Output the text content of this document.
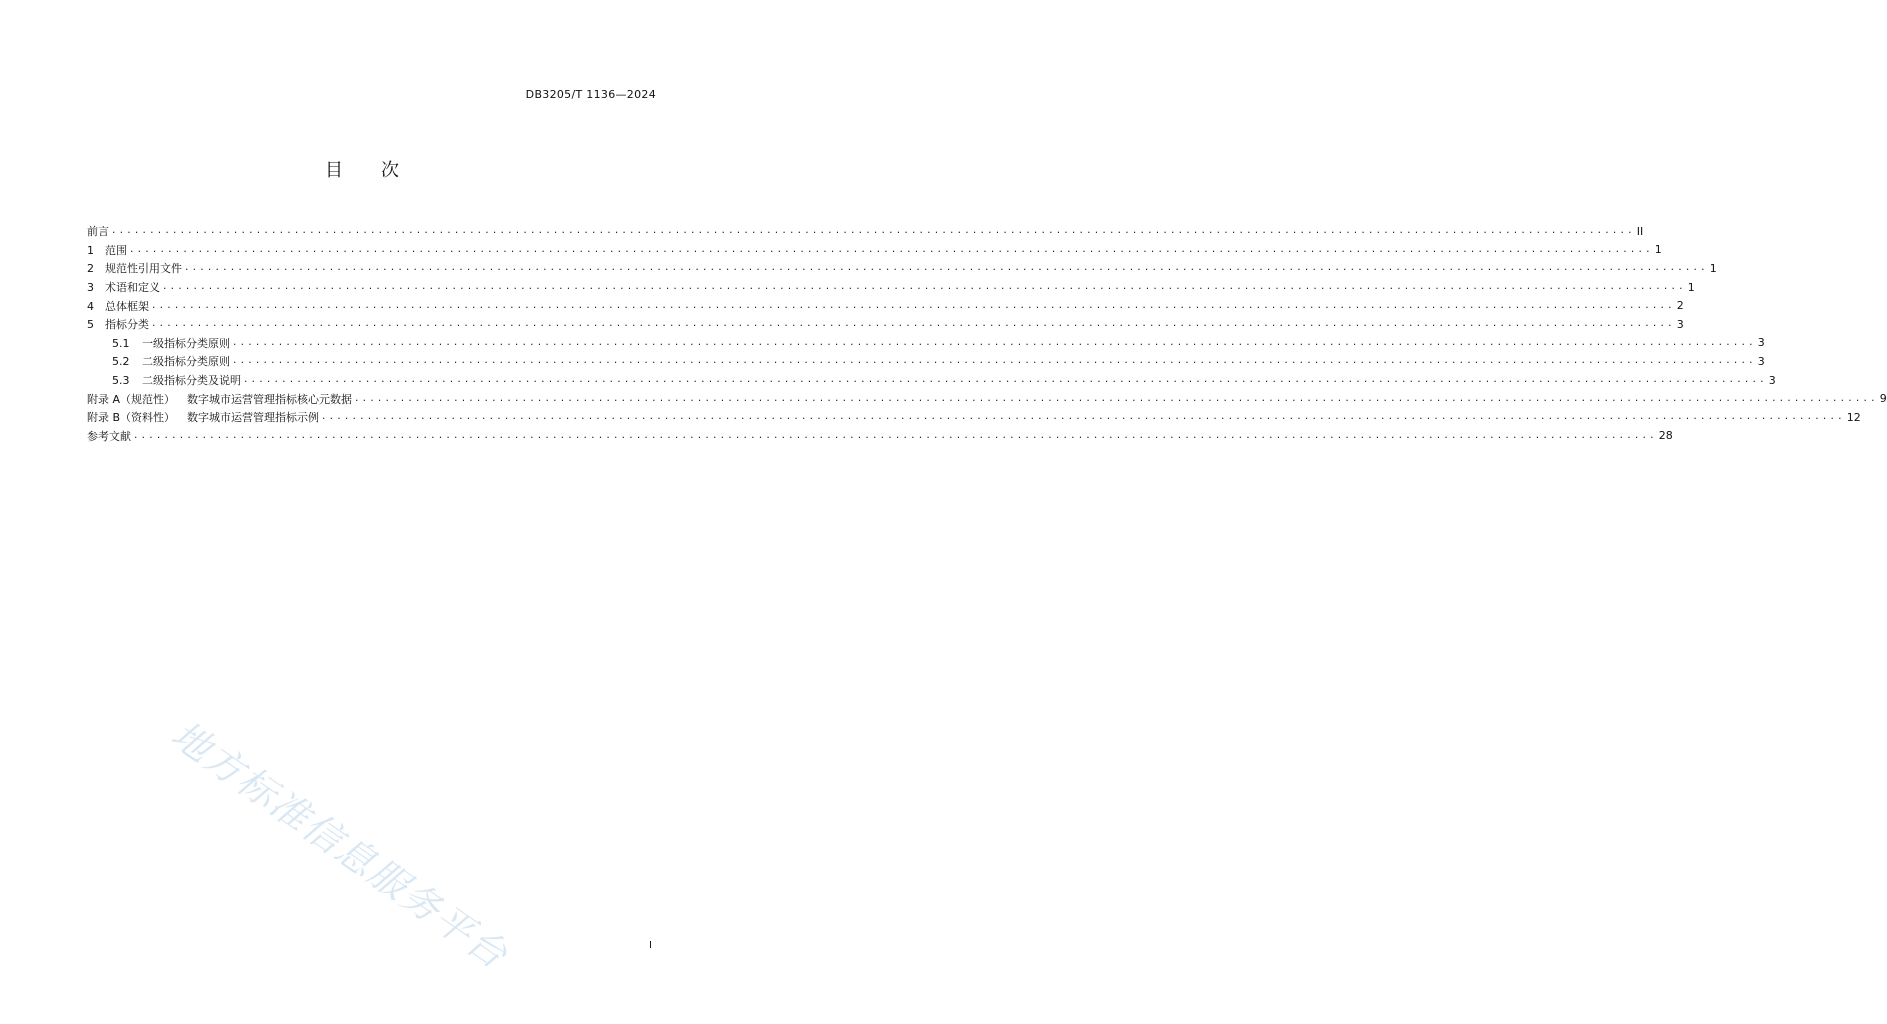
DB3205/T 1136—2024
目 次
前言 ........................................................................................................................................................................................................ II
1 范围 ........................................................................................................................................................................................................ 1
2 规范性引用文件 ........................................................................................................................................................................................................ 1
3 术语和定义 ........................................................................................................................................................................................................ 1
4 总体框架 ........................................................................................................................................................................................................ 2
5 指标分类 ........................................................................................................................................................................................................ 3
5.1 一级指标分类原则 ........................................................................................................................................................................................................ 3
5.2 二级指标分类原则 ........................................................................................................................................................................................................ 3
5.3 二级指标分类及说明 ........................................................................................................................................................................................................ 3
附录 A（规范性） 数字城市运营管理指标核心元数据 ........................................................................................................................................................................................................ 9
附录 B（资料性） 数字城市运营管理指标示例 ........................................................................................................................................................................................................ 12
参考文献 ........................................................................................................................................................................................................ 28
地方标准信息服务平台	I
